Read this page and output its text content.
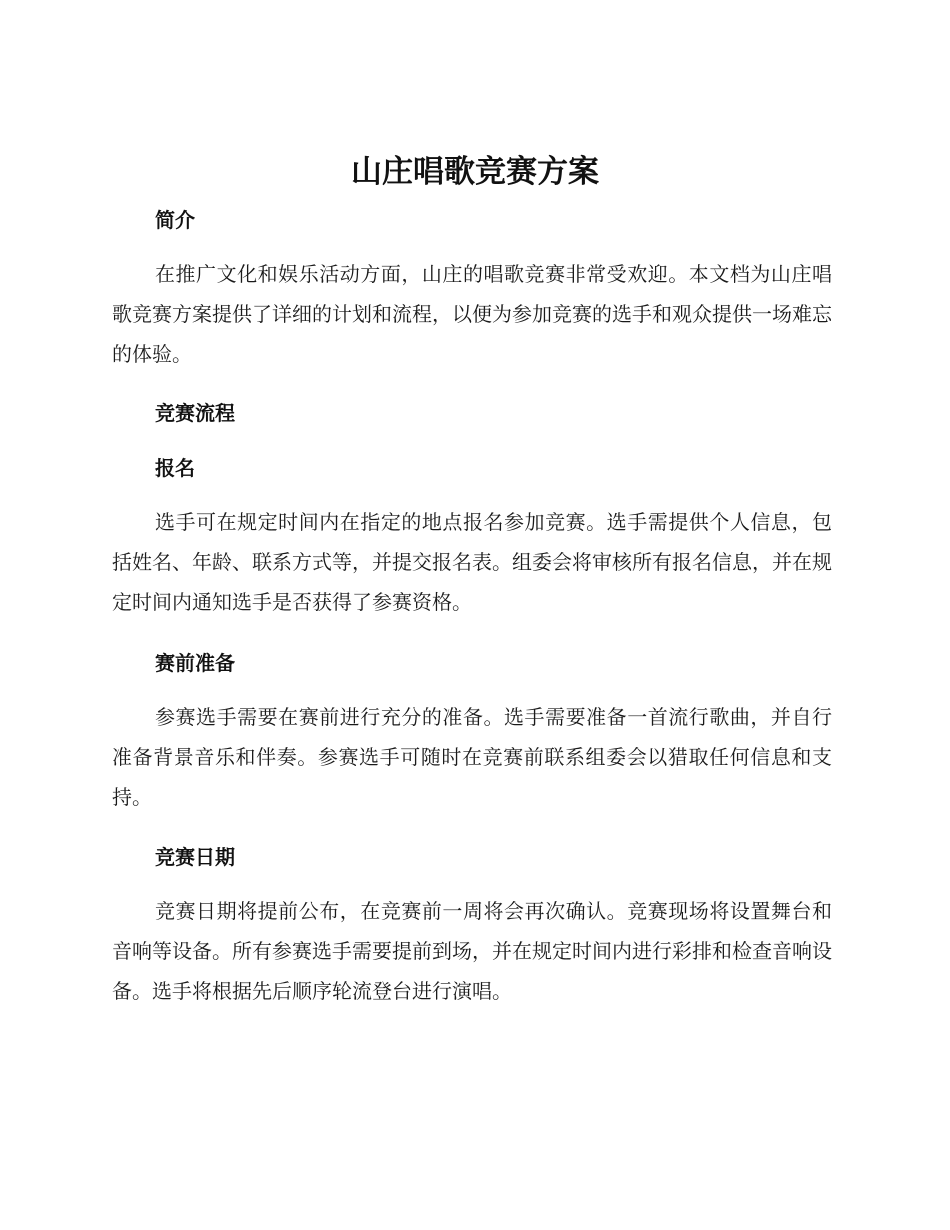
山庄唱歌竞赛方案
简介

在推广文化和娱乐活动方面，山庄的唱歌竞赛非常受欢迎。本文档为山庄唱歌竞赛方案提供了详细的计划和流程，以便为参加竞赛的选手和观众提供一场难忘的体验。

竞赛流程
报名

选手可在规定时间内在指定的地点报名参加竞赛。选手需提供个人信息，包括姓名、年龄、联系方式等，并提交报名表。组委会将审核所有报名信息，并在规定时间内通知选手是否获得了参赛资格。

赛前准备

参赛选手需要在赛前进行充分的准备。选手需要准备一首流行歌曲，并自行准备背景音乐和伴奏。参赛选手可随时在竞赛前联系组委会以猎取任何信息和支持。

竞赛日期

竞赛日期将提前公布，在竞赛前一周将会再次确认。竞赛现场将设置舞台和音响等设备。所有参赛选手需要提前到场，并在规定时间内进行彩排和检查音响设备。选手将根据先后顺序轮流登台进行演唱。
